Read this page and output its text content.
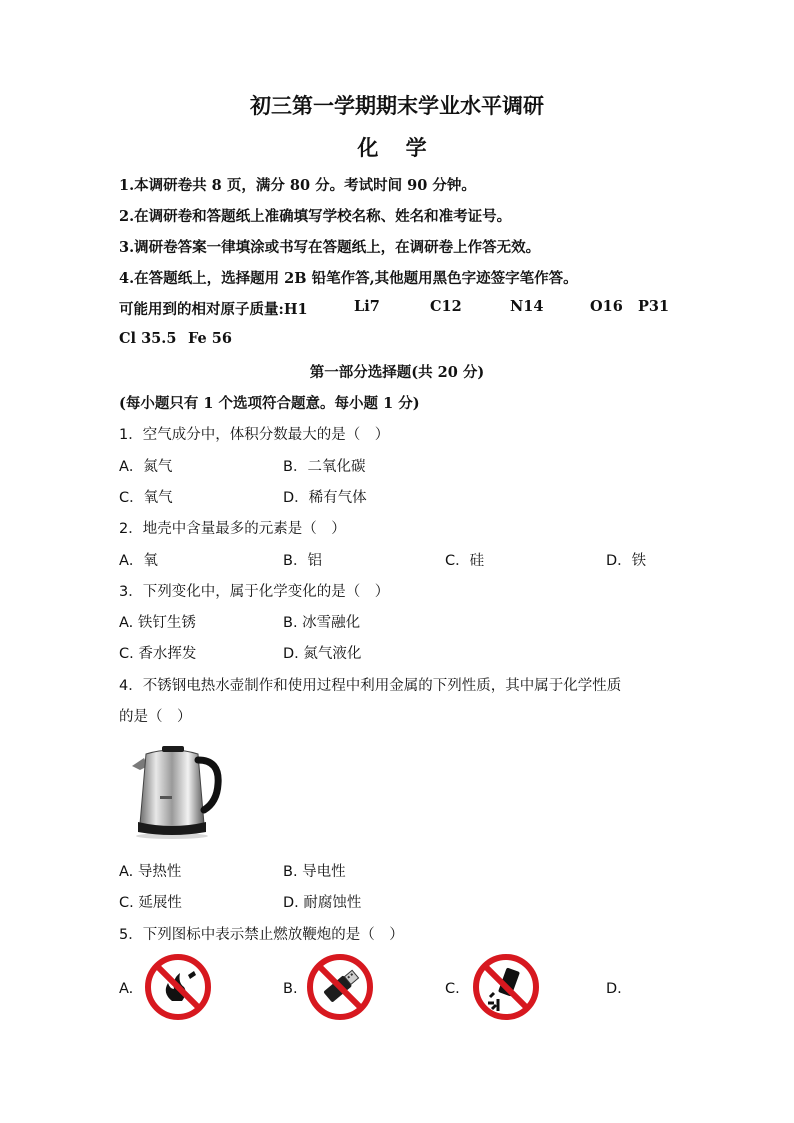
初三第一学期期末学业水平调研
化 学
1.本调研卷共 8 页，满分 80 分。考试时间 90 分钟。
2.在调研卷和答题纸上准确填写学校名称、姓名和准考证号。
3.调研卷答案一律填涂或书写在答题纸上，在调研卷上作答无效。
4.在答题纸上，选择题用 2B 铅笔作答,其他题用黑色字迹签字笔作答。
可能用到的相对原子质量:H1	Li7	C12	N14	O16 P31
Cl 35.5 Fe 56
第一部分选择题(共 20 分)
(每小题只有 1 个选项符合题意。每小题 1 分)
1．空气成分中，体积分数最大的是（　）
A．氮气	B．二氧化碳
C．氧气	D．稀有气体
2．地壳中含量最多的元素是（　）
A．氧	B．铝	C．硅	D．铁
3．下列变化中，属于化学变化的是（　）
A. 铁钉生锈	B. 冰雪融化
C. 香水挥发	D. 氮气液化
4．不锈钢电热水壶制作和使用过程中利用金属的下列性质，其中属于化学性质
的是（　）
A. 导热性	B. 导电性
C. 延展性	D. 耐腐蚀性
5．下列图标中表示禁止燃放鞭炮的是（　）
A.	B.	C.	D.
